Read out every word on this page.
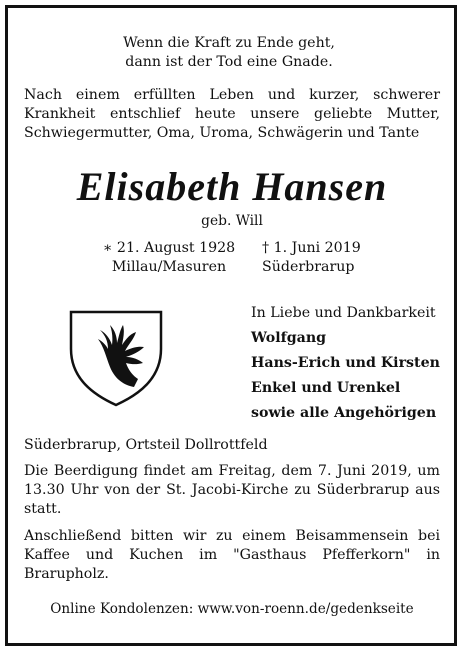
Wenn die Kraft zu Ende geht,
dann ist der Tod eine Gnade.
Nach einem erfüllten Leben und kurzer, schwerer Krankheit entschlief heute unsere geliebte Mutter, Schwiegermutter, Oma, Uroma, Schwägerin und Tante
Elisabeth Hansen
geb. Will
∗ 21. August 1928
Millau/Masuren
† 1. Juni 2019
Süderbrarup
In Liebe und Dankbarkeit
Wolfgang
Hans-Erich und Kirsten
Enkel und Urenkel
sowie alle Angehörigen
Süderbrarup, Ortsteil Dollrottfeld
Die Beerdigung findet am Freitag, dem 7. Juni 2019, um 13.30 Uhr von der St. Jacobi-Kirche zu Süderbrarup aus statt.
Anschließend bitten wir zu einem Beisammensein bei Kaffee und Kuchen im "Gasthaus Pfefferkorn" in Brarupholz.
Online Kondolenzen: www.von-roenn.de/gedenkseite
